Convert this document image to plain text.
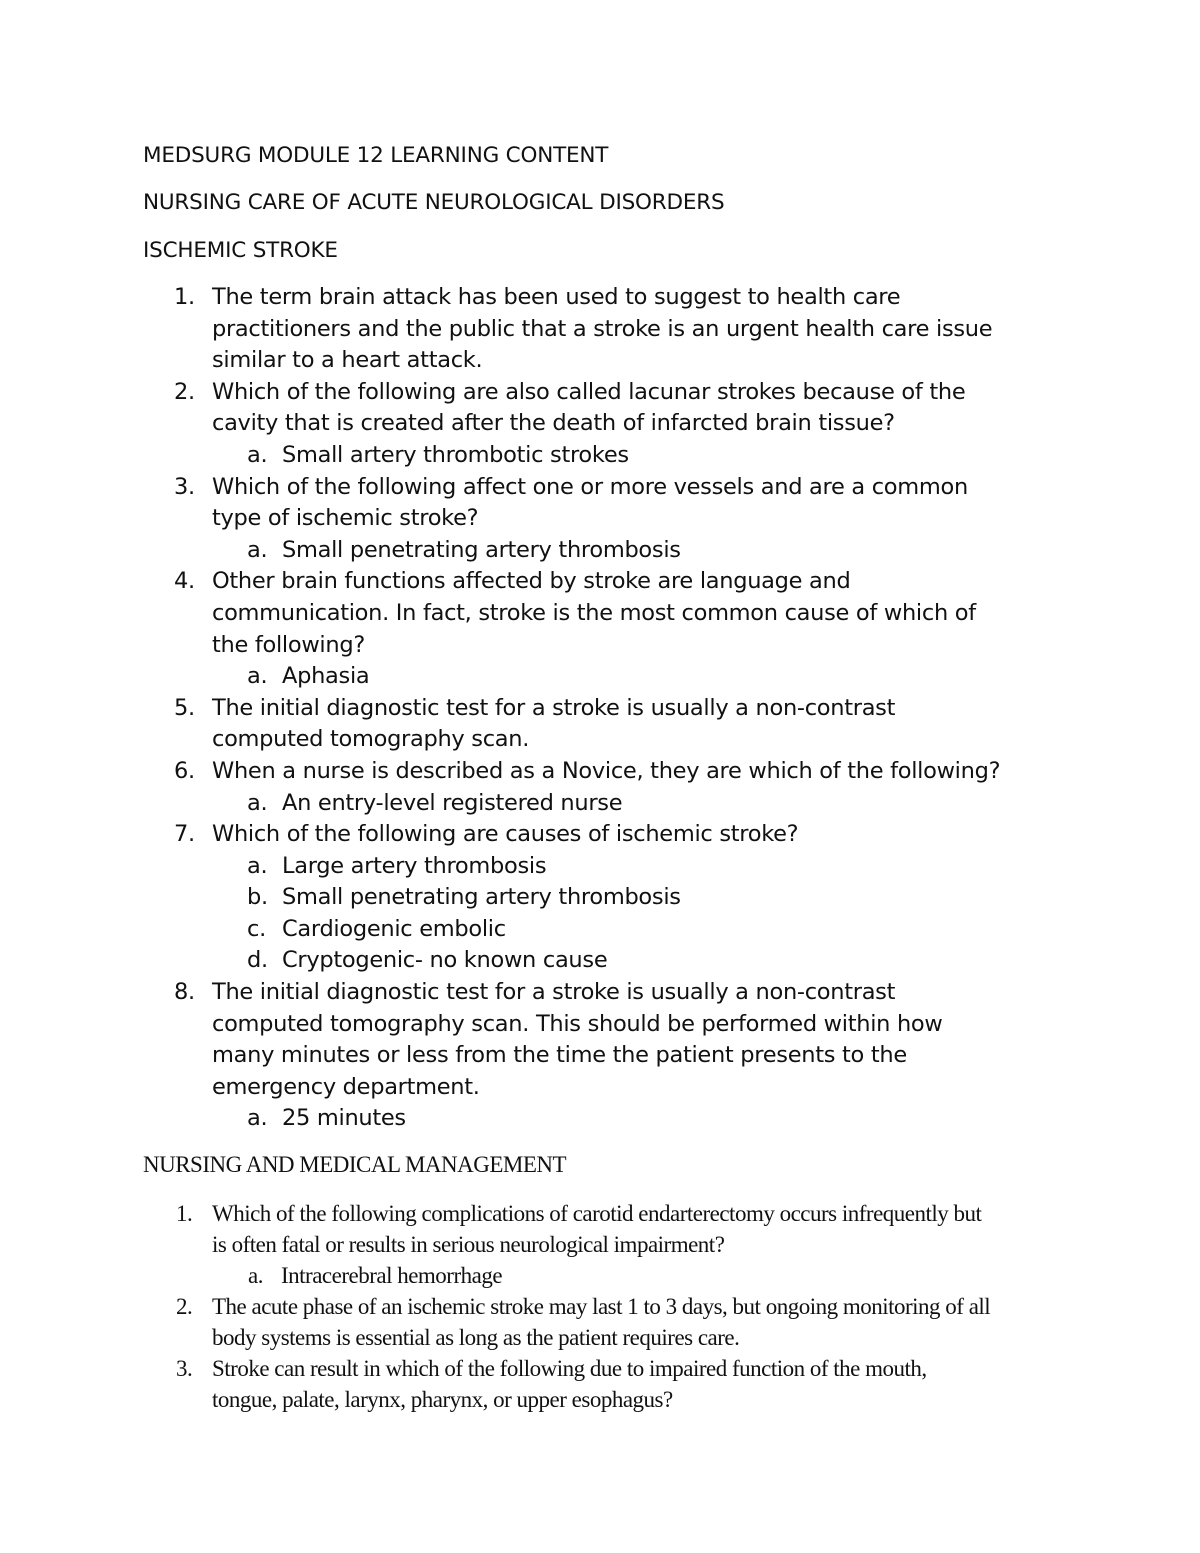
MEDSURG MODULE 12 LEARNING CONTENT
NURSING CARE OF ACUTE NEUROLOGICAL DISORDERS
ISCHEMIC STROKE
1. The term brain attack has been used to suggest to health care
practitioners and the public that a stroke is an urgent health care issue
similar to a heart attack.
2. Which of the following are also called lacunar strokes because of the
cavity that is created after the death of infarcted brain tissue?
a. Small artery thrombotic strokes
3. Which of the following affect one or more vessels and are a common
type of ischemic stroke?
a. Small penetrating artery thrombosis
4. Other brain functions affected by stroke are language and
communication. In fact, stroke is the most common cause of which of
the following?
a. Aphasia
5. The initial diagnostic test for a stroke is usually a non-contrast
computed tomography scan.
6. When a nurse is described as a Novice, they are which of the following?
a. An entry-level registered nurse
7. Which of the following are causes of ischemic stroke?
a. Large artery thrombosis
b. Small penetrating artery thrombosis
c. Cardiogenic embolic
d. Cryptogenic- no known cause
8. The initial diagnostic test for a stroke is usually a non-contrast
computed tomography scan. This should be performed within how
many minutes or less from the time the patient presents to the
emergency department.
a. 25 minutes
NURSING AND MEDICAL MANAGEMENT
1. Which of the following complications of carotid endarterectomy occurs infrequently but
is often fatal or results in serious neurological impairment?
a. Intracerebral hemorrhage
2. The acute phase of an ischemic stroke may last 1 to 3 days, but ongoing monitoring of all
body systems is essential as long as the patient requires care.
3. Stroke can result in which of the following due to impaired function of the mouth,
tongue, palate, larynx, pharynx, or upper esophagus?
